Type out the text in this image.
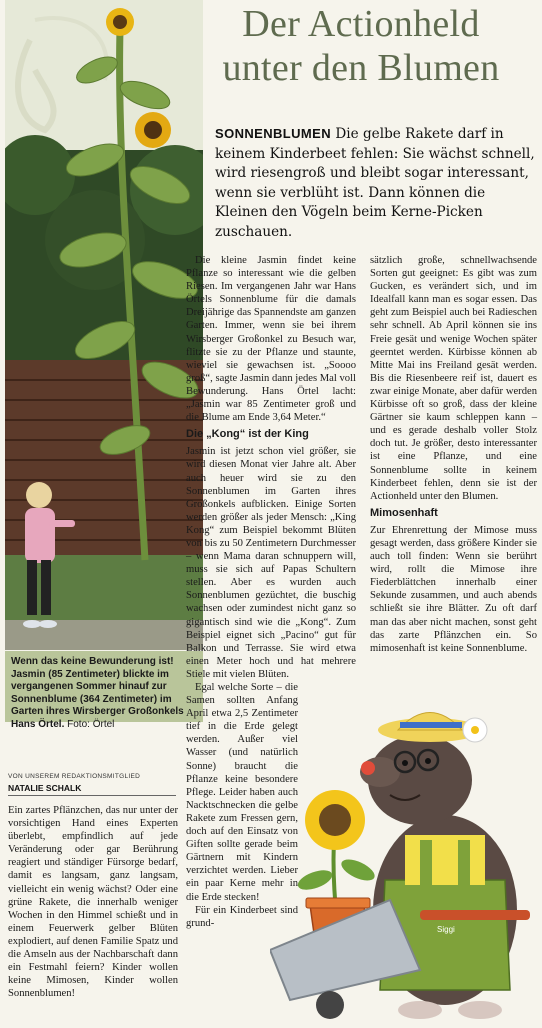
Wenn das keine Bewunderung ist! Jasmin (85 Zentimeter) blickte im vergangenen Sommer hinauf zur Sonnenblume (364 Zentimeter) im Garten ihres Wirsberger Großonkels Hans Örtel. Foto: Örtel
Der Actionheld
unter den Blumen
SONNENBLUMEN Die gelbe Rakete darf in keinem Kinderbeet fehlen: Sie wächst schnell, wird riesengroß und bleibt sogar interessant, wenn sie verblüht ist. Dann können die Kleinen den Vögeln beim Kerne-Picken zuschauen.

Die kleine Jasmin findet keine Pflanze so interessant wie die gelben Riesen. Im vergangenen Jahr war Hans Örtels Sonnenblume für die damals Dreijährige das Spannendste am ganzen Garten. Immer, wenn sie bei ihrem Wirsberger Großonkel zu Besuch war, flitzte sie zu der Pflanze und staunte, wieviel sie gewachsen ist. „Soooo groß“, sagte Jasmin dann jedes Mal voll Bewunderung. Hans Örtel lacht: „Jasmin war 85 Zentimeter groß und die Blume am Ende 3,64 Meter.“

Die „Kong“ ist der King

Jasmin ist jetzt schon viel größer, sie wird diesen Monat vier Jahre alt. Aber auch heuer wird sie zu den Sonnenblumen im Garten ihres Großonkels aufblicken. Einige Sorten werden größer als jeder Mensch: „King Kong“ zum Beispiel bekommt Blüten von bis zu 50 Zentimetern Durchmesser – wenn Mama daran schnuppern will, muss sie sich auf Papas Schultern stellen. Aber es wurden auch Sonnenblumen gezüchtet, die buschig wachsen oder zumindest nicht ganz so gigantisch sind wie die „Kong“. Zum Beispiel eignet sich „Pacino“ gut für Balkon und Terrasse. Sie wird etwa einen Meter hoch und hat mehrere Stiele mit vielen Blüten.

Egal welche Sorte – die Samen sollten Anfang April etwa 2,5 Zentimeter tief in die Erde gelegt werden. Außer viel Wasser (und natürlich Sonne) braucht die Pflanze keine besondere Pflege. Leider haben auch Nacktschnecken die gelbe Rakete zum Fressen gern, doch auf den Einsatz von Giften sollte gerade beim Gärtnern mit Kindern verzichtet werden. Lieber ein paar Kerne mehr in die Erde stecken!

Für ein Kinderbeet sind grund-

sätzlich große, schnellwachsende Sorten gut geeignet: Es gibt was zum Gucken, es verändert sich, und im Idealfall kann man es sogar essen. Das geht zum Beispiel auch bei Radieschen sehr schnell. Ab April können sie ins Freie gesät und wenige Wochen später geerntet werden. Kürbisse können ab Mitte Mai ins Freiland gesät werden. Bis die Riesenbeere reif ist, dauert es zwar einige Monate, aber dafür werden Kürbisse oft so groß, dass der kleine Gärtner sie kaum schleppen kann – und es gerade deshalb voller Stolz doch tut. Je größer, desto interessanter ist eine Pflanze, und eine Sonnenblume sollte in keinem Kinderbeet fehlen, denn sie ist der Actionheld unter den Blumen.

Mimosenhaft

Zur Ehrenrettung der Mimose muss gesagt werden, dass größere Kinder sie auch toll finden: Wenn sie berührt wird, rollt die Mimose ihre Fiederblättchen innerhalb einer Sekunde zusammen, und auch abends schließt sie ihre Blätter. Zu oft darf man das aber nicht machen, sonst geht das zarte Pflänzchen ein. So mimosenhaft ist keine Sonnenblume.

VON UNSEREM REDAKTIONSMITGLIED
NATALIE SCHALK

Ein zartes Pflänzchen, das nur unter der vorsichtigen Hand eines Experten überlebt, empfindlich auf jede Veränderung oder gar Berührung reagiert und ständiger Fürsorge bedarf, damit es langsam, ganz langsam, vielleicht ein wenig wächst? Oder eine grüne Rakete, die innerhalb weniger Wochen in den Himmel schießt und in einem Feuerwerk gelber Blüten explodiert, auf denen Familie Spatz und die Amseln aus der Nachbarschaft dann ein Festmahl feiern? Kinder wollen keine Mimosen, Kinder wollen Sonnenblumen!

Siggi
